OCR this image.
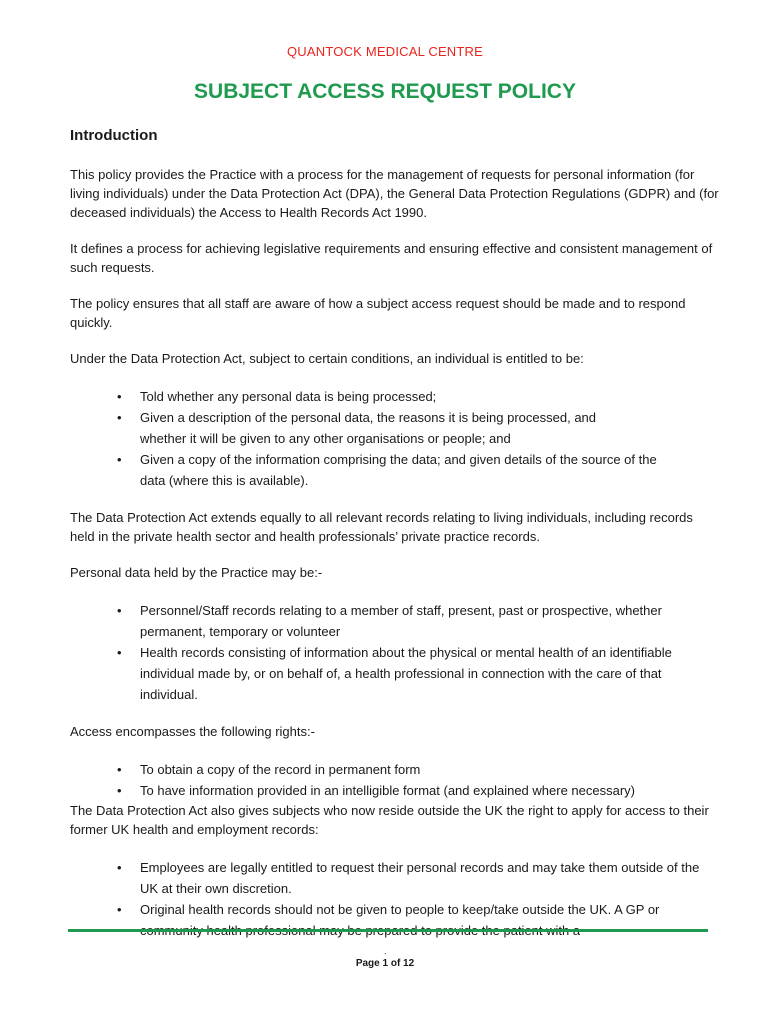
QUANTOCK MEDICAL CENTRE
SUBJECT ACCESS REQUEST POLICY
Introduction

This policy provides the Practice with a process for the management of requests for personal information (for living individuals) under the Data Protection Act (DPA), the General Data Protection Regulations (GDPR) and (for deceased individuals) the Access to Health Records Act 1990.

It defines a process for achieving legislative requirements and ensuring effective and consistent management of such requests.

The policy ensures that all staff are aware of how a subject access request should be made and to respond quickly.

Under the Data Protection Act, subject to certain conditions, an individual is entitled to be:

• Told whether any personal data is being processed;
• Given a description of the personal data, the reasons it is being processed, and whether it will be given to any other organisations or people; and
• Given a copy of the information comprising the data; and given details of the source of the data (where this is available).

The Data Protection Act extends equally to all relevant records relating to living individuals, including records held in the private health sector and health professionals’ private practice records.

Personal data held by the Practice may be:-

• Personnel/Staff records relating to a member of staff, present, past or prospective, whether permanent, temporary or volunteer
• Health records consisting of information about the physical or mental health of an identifiable individual made by, or on behalf of, a health professional in connection with the care of that individual.

Access encompasses the following rights:-

• To obtain a copy of the record in permanent form
• To have information provided in an intelligible format (and explained where necessary)

The Data Protection Act also gives subjects who now reside outside the UK the right to apply for access to their former UK health and employment records:

• Employees are legally entitled to request their personal records and may take them outside of the UK at their own discretion.
• Original health records should not be given to people to keep/take outside the UK. A GP or
.
Page 1 of 12
